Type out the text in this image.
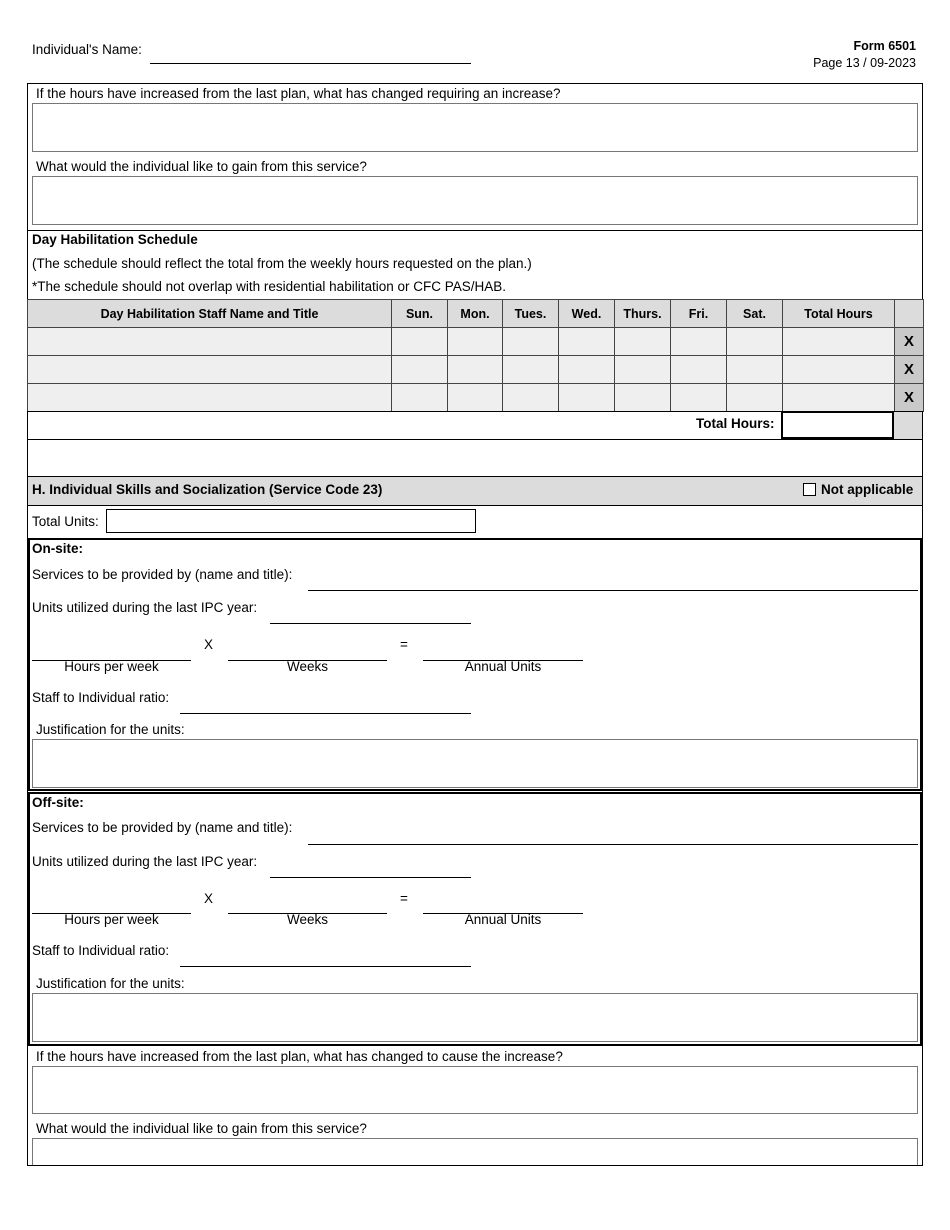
Individual's Name:	Form 6501
Page 13 / 09-2023
If the hours have increased from the last plan, what has changed requiring an increase?
What would the individual like to gain from this service?
Day Habilitation Schedule
(The schedule should reflect the total from the weekly hours requested on the plan.)
*The schedule should not overlap with residential habilitation or CFC PAS/HAB.
Day Habilitation Staff Name and Title	Sun.	Mon.	Tues.	Wed.	Thurs.	Fri.	Sat.	Total Hours	
									X
									X
									X
Total Hours:
H. Individual Skills and Socialization (Service Code 23)	Not applicable
Total Units:
On-site:
Services to be provided by (name and title):
Units utilized during the last IPC year:
X	=
Hours per week	Weeks	Annual Units
Staff to Individual ratio:
Justification for the units:
Off-site:
Services to be provided by (name and title):
Units utilized during the last IPC year:
X	=
Hours per week	Weeks	Annual Units
Staff to Individual ratio:
Justification for the units:
If the hours have increased from the last plan, what has changed to cause the increase?
What would the individual like to gain from this service?
